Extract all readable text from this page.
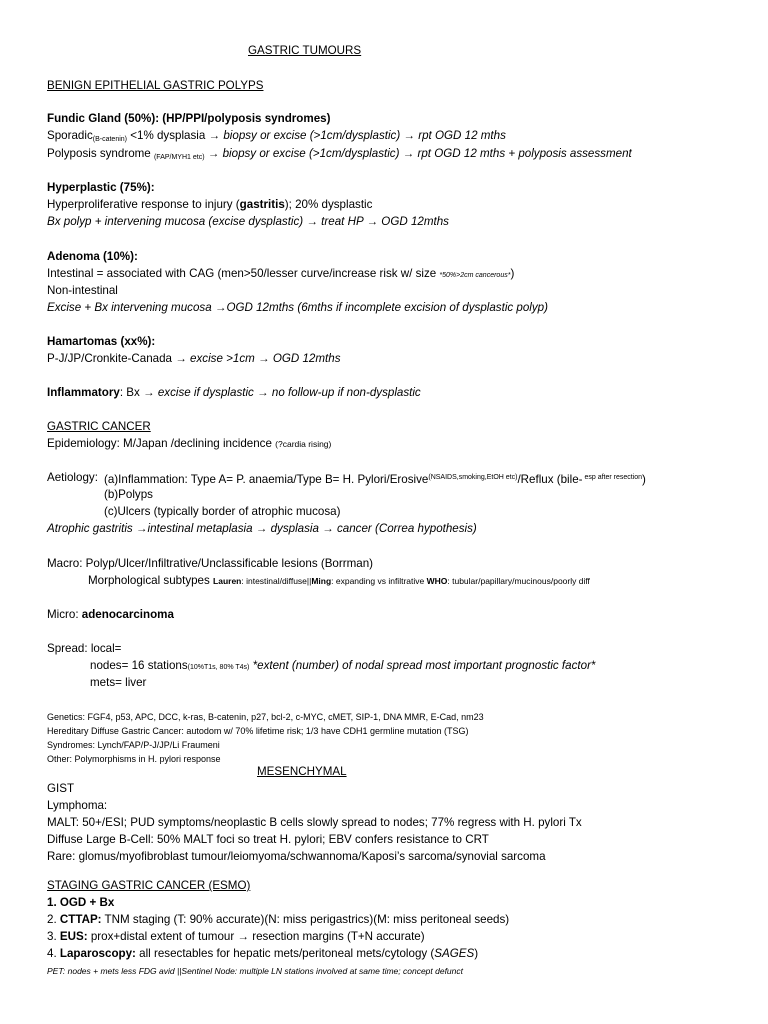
GASTRIC TUMOURS
BENIGN EPITHELIAL GASTRIC POLYPS
Fundic Gland (50%): (HP/PPI/polyposis syndromes)
Sporadic$_{(B-catenin)}$ <1% dysplasia → biopsy or excise (>1cm/dysplastic) → rpt OGD 12 mths
Polyposis syndrome $_{(FAP/MYH1 etc)}$ → biopsy or excise (>1cm/dysplastic) → rpt OGD 12 mths + polyposis assessment
Hyperplastic (75%):
Hyperproliferative response to injury (gastritis); 20% dysplastic
Bx polyp + intervening mucosa (excise dysplastic) → treat HP → OGD 12mths
Adenoma (10%):
Intestinal = associated with CAG (men>50/lesser curve/increase risk w/ size *50%>2cm cancerous*)
Non-intestinal
Excise + Bx intervening mucosa →OGD 12mths (6mths if incomplete excision of dysplastic polyp)
Hamartomas (xx%):
P-J/JP/Cronkite-Canada → excise >1cm → OGD 12mths
Inflammatory: Bx → excise if dysplastic → no follow-up if non-dysplastic
GASTRIC CANCER
Epidemiology: M/Japan /declining incidence (?cardia rising)
Aetiology: (a)Inflammation: Type A= P. anaemia/Type B= H. Pylori/Erosive$^{(NSAIDS,smoking,EtOH etc)}$/Reflux (bile- $^{esp after resection}$)
(b)Polyps
(c)Ulcers (typically border of atrophic mucosa)
Atrophic gastritis →intestinal metaplasia → dysplasia → cancer (Correa hypothesis)
Macro: Polyp/Ulcer/Infiltrative/Unclassificable lesions (Borrman)
Morphological subtypes Lauren: intestinal/diffuse||Ming: expanding vs infiltrative WHO: tubular/papillary/mucinous/poorly diff
Micro: adenocarcinoma
Spread: local=
nodes= 16 stations(10%T1s, 80% T4s) *extent (number) of nodal spread most important prognostic factor*
mets= liver
Genetics: FGF4, p53, APC, DCC, k-ras, B-catenin, p27, bcl-2, c-MYC, cMET, SIP-1, DNA MMR, E-Cad, nm23
Hereditary Diffuse Gastric Cancer: autodom w/ 70% lifetime risk; 1/3 have CDH1 germline mutation (TSG)
Syndromes: Lynch/FAP/P-J/JP/Li Fraumeni
Other: Polymorphisms in H. pylori response
MESENCHYMAL
GIST
Lymphoma:
MALT: 50+/ESI; PUD symptoms/neoplastic B cells slowly spread to nodes; 77% regress with H. pylori Tx
Diffuse Large B-Cell: 50% MALT foci so treat H. pylori; EBV confers resistance to CRT
Rare: glomus/myofibroblast tumour/leiomyoma/schwannoma/Kaposi’s sarcoma/synovial sarcoma
STAGING GASTRIC CANCER (ESMO)
1. OGD + Bx
2. CTTAP: TNM staging (T: 90% accurate)(N: miss perigastrics)(M: miss peritoneal seeds)
3. EUS: prox+distal extent of tumour → resection margins (T+N accurate)
4. Laparoscopy: all resectables for hepatic mets/peritoneal mets/cytology (SAGES)
PET: nodes + mets less FDG avid ||Sentinel Node: multiple LN stations involved at same time; concept defunct
